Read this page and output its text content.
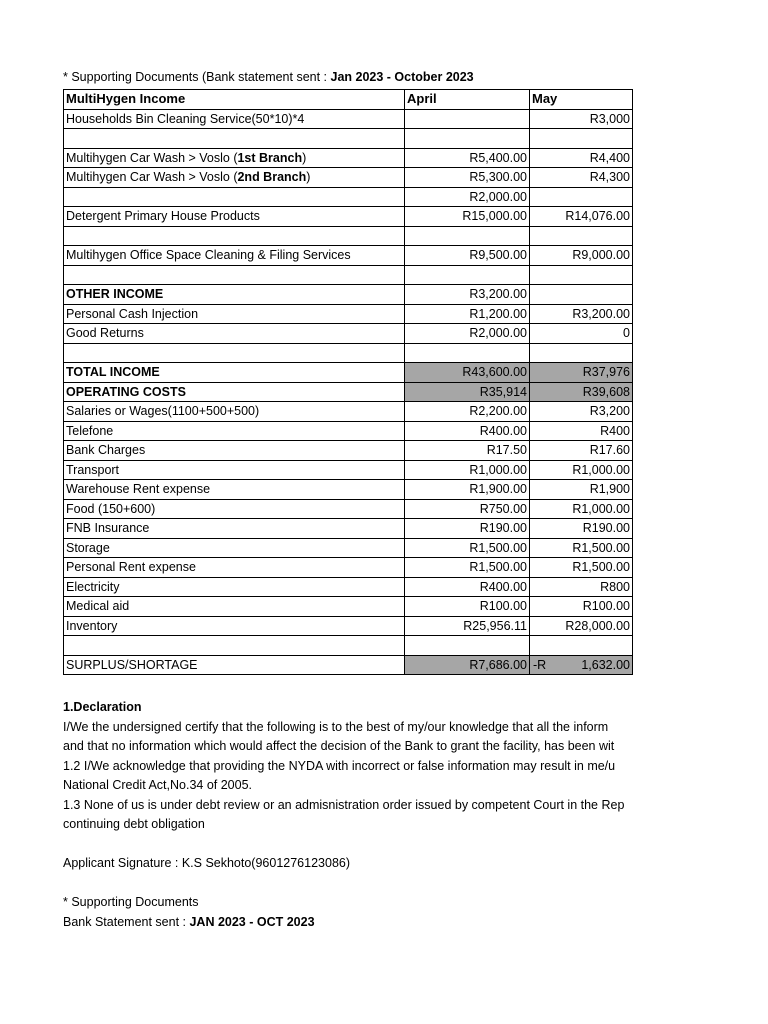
* Supporting Documents (Bank statement sent : Jan 2023 - October 2023
MultiHygen Income	April	May
Households Bin Cleaning Service(50*10)*4		R3,000

Multihygen Car Wash > Voslo (1st Branch)	R5,400.00	R4,400
Multihygen Car Wash > Voslo (2nd Branch)	R5,300.00	R4,300
	R2,000.00	
Detergent Primary House Products	R15,000.00	R14,076.00

Multihygen Office Space Cleaning & Filing Services	R9,500.00	R9,000.00

OTHER INCOME	R3,200.00	
Personal Cash Injection	R1,200.00	R3,200.00
Good Returns	R2,000.00	0

TOTAL INCOME	R43,600.00	R37,976
OPERATING COSTS	R35,914	R39,608
Salaries or Wages(1100+500+500)	R2,200.00	R3,200
Telefone	R400.00	R400
Bank Charges	R17.50	R17.60
Transport	R1,000.00	R1,000.00
Warehouse Rent expense	R1,900.00	R1,900
Food (150+600)	R750.00	R1,000.00
FNB Insurance	R190.00	R190.00
Storage	R1,500.00	R1,500.00
Personal Rent expense	R1,500.00	R1,500.00
Electricity	R400.00	R800
Medical aid	R100.00	R100.00
Inventory	R25,956.11	R28,000.00

SURPLUS/SHORTAGE	R7,686.00	-R 1,632.00

1.Declaration

I/We the undersigned certify that the following is to the best of my/our knowledge that all the inform

and that no information which would affect the decision of the Bank to grant the facility, has been wit

1.2 I/We acknowledge that providing the NYDA with incorrect or false information may result in me/u

National Credit Act,No.34 of 2005.

1.3 None of us is under debt review or an admisnistration order issued by competent Court in the Rep

continuing debt obligation

Applicant Signature : K.S Sekhoto(9601276123086)

* Supporting Documents

Bank Statement sent : JAN 2023 - OCT 2023
